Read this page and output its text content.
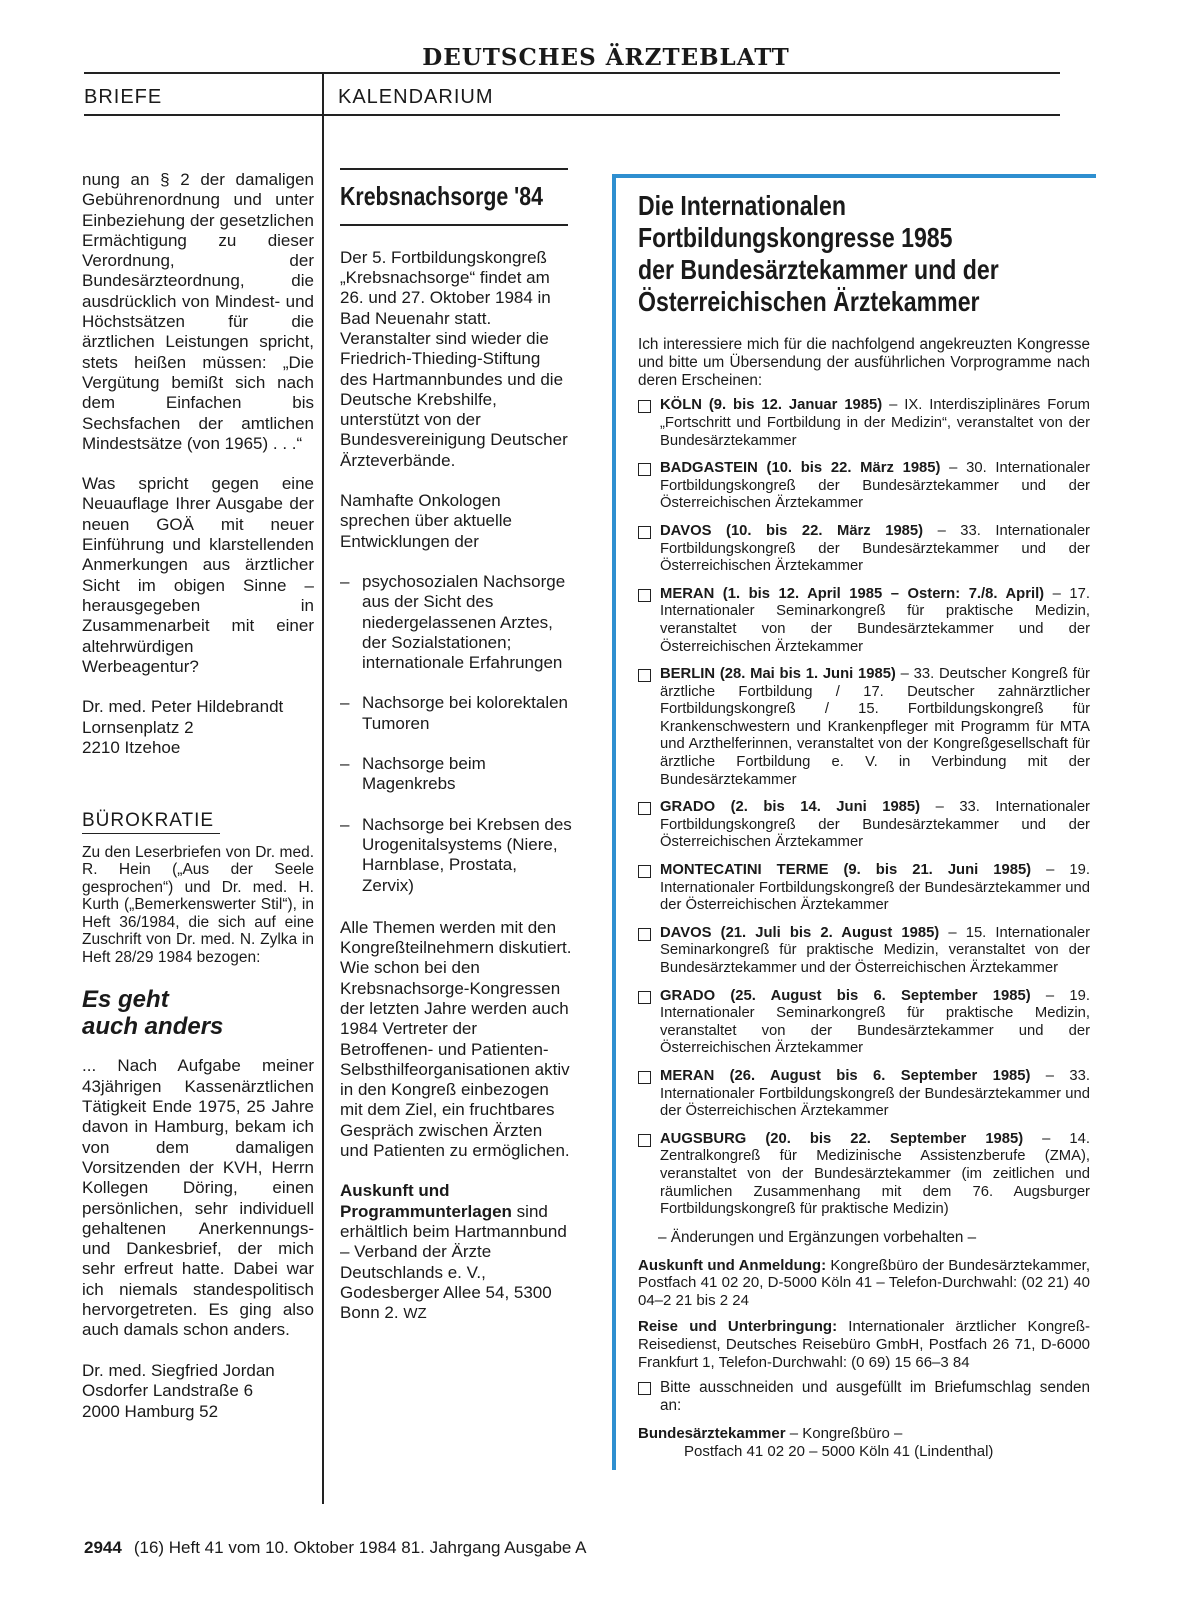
DEUTSCHES ÄRZTEBLATT
BRIEFE	KALENDARIUM

nung an § 2 der damaligen Gebührenordnung und unter Einbeziehung der gesetzlichen Ermächtigung zu dieser Verordnung, der Bundesärzteordnung, die ausdrücklich von Mindest- und Höchstsätzen für die ärztlichen Leistungen spricht, stets heißen müssen: „Die Vergütung bemißt sich nach dem Einfachen bis Sechsfachen der amtlichen Mindestsätze (von 1965) . . .“

Was spricht gegen eine Neuauflage Ihrer Ausgabe der neuen GOÄ mit neuer Einführung und klarstellenden Anmerkungen aus ärztlicher Sicht im obigen Sinne – herausgegeben in Zusammenarbeit mit einer altehrwürdigen Werbeagentur?

Dr. med. Peter Hildebrandt
Lornsenplatz 2
2210 Itzehoe
BÜROKRATIE

Zu den Leserbriefen von Dr. med. R. Hein („Aus der Seele gesprochen“) und Dr. med. H. Kurth („Bemerkenswerter Stil“), in Heft 36/1984, die sich auf eine Zuschrift von Dr. med. N. Zylka in Heft 28/29 1984 bezogen:

Es geht
auch anders

... Nach Aufgabe meiner 43jährigen Kassenärztlichen Tätigkeit Ende 1975, 25 Jahre davon in Hamburg, bekam ich von dem damaligen Vorsitzenden der KVH, Herrn Kollegen Döring, einen persönlichen, sehr individuell gehaltenen Anerkennungs- und Dankesbrief, der mich sehr erfreut hatte. Dabei war ich niemals standespolitisch hervorgetreten. Es ging also auch damals schon anders.

Dr. med. Siegfried Jordan
Osdorfer Landstraße 6
2000 Hamburg 52
Krebsnachsorge '84

Der 5. Fortbildungskongreß „Krebsnachsorge“ findet am 26. und 27. Oktober 1984 in Bad Neuenahr statt. Veranstalter sind wieder die Friedrich-Thieding-Stiftung des Hartmannbundes und die Deutsche Krebshilfe, unterstützt von der Bundesvereinigung Deutscher Ärzteverbände.

Namhafte Onkologen sprechen über aktuelle Entwicklungen der

– psychosozialen Nachsorge aus der Sicht des niedergelassenen Arztes, der Sozialstationen; internationale Erfahrungen
– Nachsorge bei kolorektalen Tumoren
– Nachsorge beim Magenkrebs
– Nachsorge bei Krebsen des Urogenitalsystems (Niere, Harnblase, Prostata, Zervix)

Alle Themen werden mit den Kongreßteilnehmern diskutiert. Wie schon bei den Krebsnachsorge-Kongressen der letzten Jahre werden auch 1984 Vertreter der Betroffenen- und Patienten-Selbsthilfeorganisationen aktiv in den Kongreß einbezogen mit dem Ziel, ein fruchtbares Gespräch zwischen Ärzten und Patienten zu ermöglichen.

Auskunft und Programmunterlagen sind erhältlich beim Hartmannbund – Verband der Ärzte Deutschlands e. V., Godesberger Allee 54, 5300 Bonn 2. WZ

Die Internationalen
Fortbildungskongresse 1985
der Bundesärztekammer und der
Österreichischen Ärztekammer
Ich interessiere mich für die nachfolgend angekreuzten Kongresse und bitte um Übersendung der ausführlichen Vorprogramme nach deren Erscheinen:
KÖLN (9. bis 12. Januar 1985) – IX. Interdisziplinäres Forum „Fortschritt und Fortbildung in der Medizin“, veranstaltet von der Bundesärztekammer
BADGASTEIN (10. bis 22. März 1985) – 30. Internationaler Fortbildungskongreß der Bundesärztekammer und der Österreichischen Ärztekammer
DAVOS (10. bis 22. März 1985) – 33. Internationaler Fortbildungskongreß der Bundesärztekammer und der Österreichischen Ärztekammer
MERAN (1. bis 12. April 1985 – Ostern: 7./8. April) – 17. Internationaler Seminarkongreß für praktische Medizin, veranstaltet von der Bundesärztekammer und der Österreichischen Ärztekammer
BERLIN (28. Mai bis 1. Juni 1985) – 33. Deutscher Kongreß für ärztliche Fortbildung / 17. Deutscher zahnärztlicher Fortbildungskongreß / 15. Fortbildungskongreß für Krankenschwestern und Krankenpfleger mit Programm für MTA und Arzthelferinnen, veranstaltet von der Kongreßgesellschaft für ärztliche Fortbildung e. V. in Verbindung mit der Bundesärztekammer
GRADO (2. bis 14. Juni 1985) – 33. Internationaler Fortbildungskongreß der Bundesärztekammer und der Österreichischen Ärztekammer
MONTECATINI TERME (9. bis 21. Juni 1985) – 19. Internationaler Fortbildungskongreß der Bundesärztekammer und der Österreichischen Ärztekammer
DAVOS (21. Juli bis 2. August 1985) – 15. Internationaler Seminarkongreß für praktische Medizin, veranstaltet von der Bundesärztekammer und der Österreichischen Ärztekammer
GRADO (25. August bis 6. September 1985) – 19. Internationaler Seminarkongreß für praktische Medizin, veranstaltet von der Bundesärztekammer und der Österreichischen Ärztekammer
MERAN (26. August bis 6. September 1985) – 33. Internationaler Fortbildungskongreß der Bundesärztekammer und der Österreichischen Ärztekammer
AUGSBURG (20. bis 22. September 1985) – 14. Zentralkongreß für Medizinische Assistenzberufe (ZMA), veranstaltet von der Bundesärztekammer (im zeitlichen und räumlichen Zusammenhang mit dem 76. Augsburger Fortbildungskongreß für praktische Medizin)
– Änderungen und Ergänzungen vorbehalten –
Auskunft und Anmeldung: Kongreßbüro der Bundesärztekammer, Postfach 41 02 20, D-5000 Köln 41 – Telefon-Durchwahl: (02 21) 40 04–2 21 bis 2 24
Reise und Unterbringung: Internationaler ärztlicher Kongreß-Reisedienst, Deutsches Reisebüro GmbH, Postfach 26 71, D-6000 Frankfurt 1, Telefon-Durchwahl: (0 69) 15 66–3 84
Bitte ausschneiden und ausgefüllt im Briefumschlag senden an:
Bundesärztekammer – Kongreßbüro –
Postfach 41 02 20 – 5000 Köln 41 (Lindenthal)
2944 (16) Heft 41 vom 10. Oktober 1984 81. Jahrgang Ausgabe A
